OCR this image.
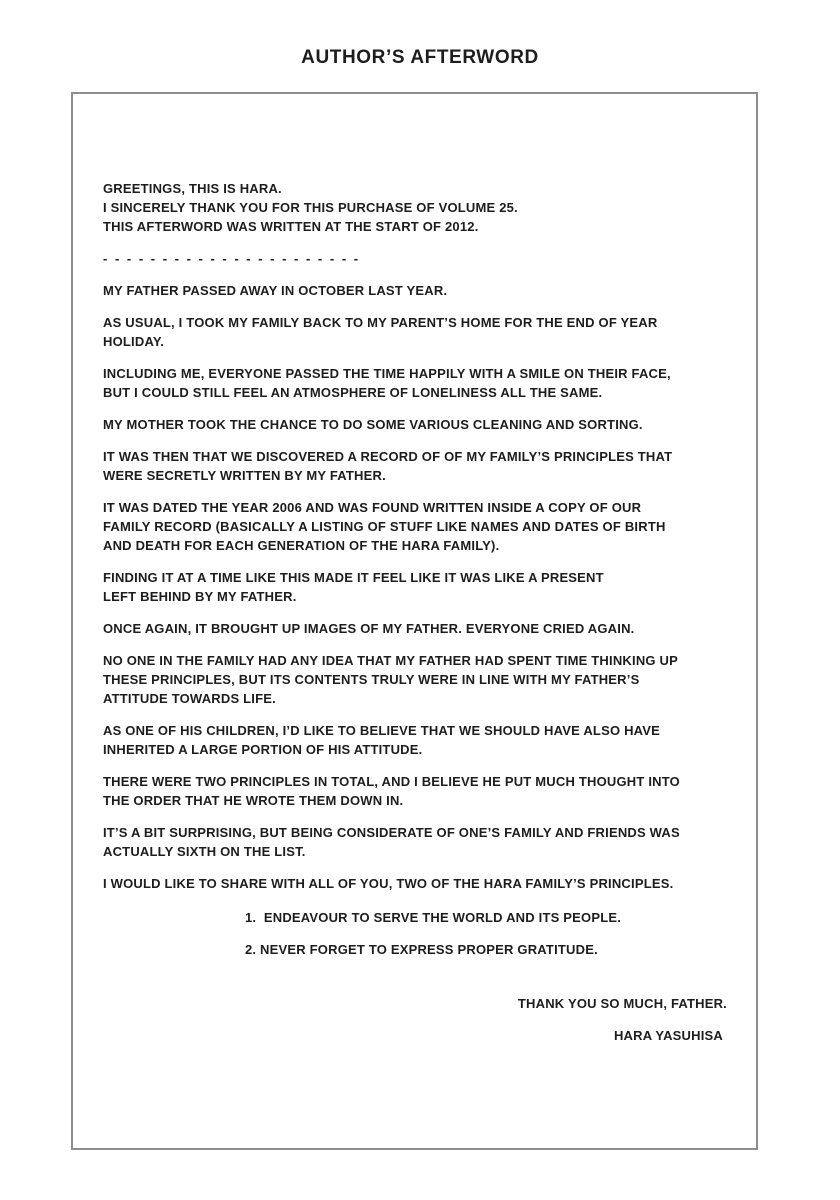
AUTHOR’S AFTERWORD
GREETINGS, THIS IS HARA.
I SINCERELY THANK YOU FOR THIS PURCHASE OF VOLUME 25.
THIS AFTERWORD WAS WRITTEN AT THE START OF 2012.
- - - - - - - - - - - - - - - - - - - - - -
MY FATHER PASSED AWAY IN OCTOBER LAST YEAR.
AS USUAL, I TOOK MY FAMILY BACK TO MY PARENT’S HOME FOR THE END OF YEAR
HOLIDAY.
INCLUDING ME, EVERYONE PASSED THE TIME HAPPILY WITH A SMILE ON THEIR FACE,
BUT I COULD STILL FEEL AN ATMOSPHERE OF LONELINESS ALL THE SAME.
MY MOTHER TOOK THE CHANCE TO DO SOME VARIOUS CLEANING AND SORTING.
IT WAS THEN THAT WE DISCOVERED A RECORD OF OF MY FAMILY’S PRINCIPLES THAT
WERE SECRETLY WRITTEN BY MY FATHER.
IT WAS DATED THE YEAR 2006 AND WAS FOUND WRITTEN INSIDE A COPY OF OUR
FAMILY RECORD (BASICALLY A LISTING OF STUFF LIKE NAMES AND DATES OF BIRTH
AND DEATH FOR EACH GENERATION OF THE HARA FAMILY).
FINDING IT AT A TIME LIKE THIS MADE IT FEEL LIKE IT WAS LIKE A PRESENT
LEFT BEHIND BY MY FATHER.
ONCE AGAIN, IT BROUGHT UP IMAGES OF MY FATHER. EVERYONE CRIED AGAIN.
NO ONE IN THE FAMILY HAD ANY IDEA THAT MY FATHER HAD SPENT TIME THINKING UP
THESE PRINCIPLES, BUT ITS CONTENTS TRULY WERE IN LINE WITH MY FATHER’S
ATTITUDE TOWARDS LIFE.
AS ONE OF HIS CHILDREN, I’D LIKE TO BELIEVE THAT WE SHOULD HAVE ALSO HAVE
INHERITED A LARGE PORTION OF HIS ATTITUDE.
THERE WERE TWO PRINCIPLES IN TOTAL, AND I BELIEVE HE PUT MUCH THOUGHT INTO
THE ORDER THAT HE WROTE THEM DOWN IN.
IT’S A BIT SURPRISING, BUT BEING CONSIDERATE OF ONE’S FAMILY AND FRIENDS WAS
ACTUALLY SIXTH ON THE LIST.
I WOULD LIKE TO SHARE WITH ALL OF YOU, TWO OF THE HARA FAMILY’S PRINCIPLES.
1.  ENDEAVOUR TO SERVE THE WORLD AND ITS PEOPLE.
2. NEVER FORGET TO EXPRESS PROPER GRATITUDE.
THANK YOU SO MUCH, FATHER.
HARA YASUHISA
